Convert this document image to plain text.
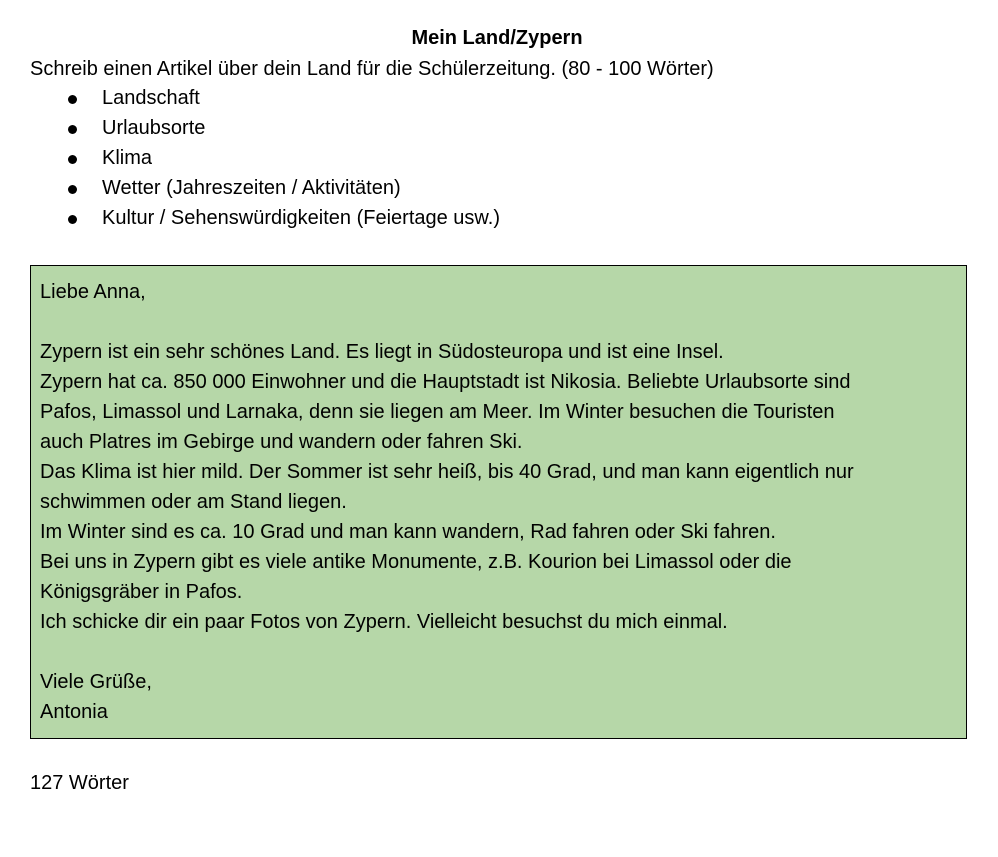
Mein Land/Zypern
Schreib einen Artikel über dein Land für die Schülerzeitung. (80 - 100 Wörter)
Landschaft
Urlaubsorte
Klima
Wetter (Jahreszeiten / Aktivitäten)
Kultur / Sehenswürdigkeiten (Feiertage usw.)
Liebe Anna,
Zypern ist ein sehr schönes Land. Es liegt in Südosteuropa und ist eine Insel.
Zypern hat ca. 850 000 Einwohner und die Hauptstadt ist Nikosia. Beliebte Urlaubsorte sind
Pafos, Limassol und Larnaka, denn sie liegen am Meer. Im Winter besuchen die Touristen
auch Platres im Gebirge und wandern oder fahren Ski.
Das Klima ist hier mild. Der Sommer ist sehr heiß, bis 40 Grad, und man kann eigentlich nur
schwimmen oder am Stand liegen.
Im Winter sind es ca. 10 Grad und man kann wandern, Rad fahren oder Ski fahren.
Bei uns in Zypern gibt es viele antike Monumente, z.B. Kourion bei Limassol oder die
Königsgräber in Pafos.
Ich schicke dir ein paar Fotos von Zypern. Vielleicht besuchst du mich einmal.
Viele Grüße,
Antonia
127 Wörter
